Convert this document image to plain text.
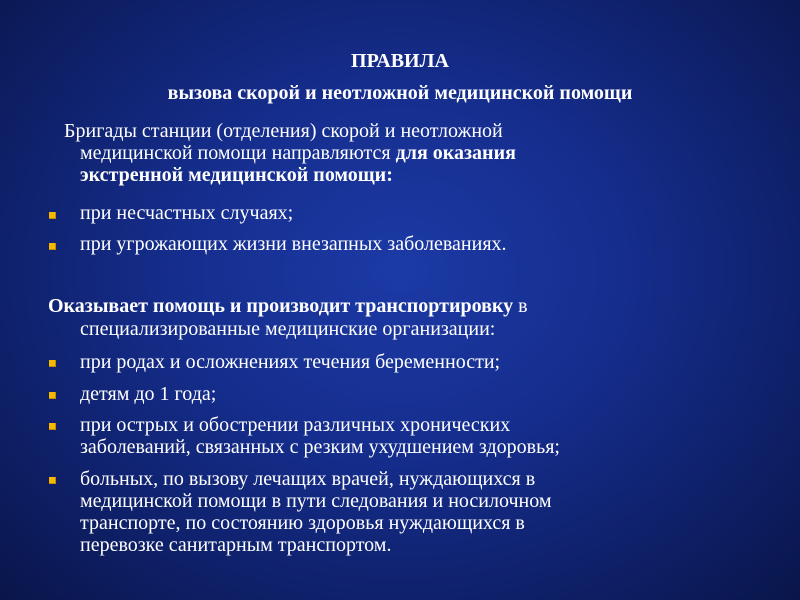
ПРАВИЛА
вызова скорой и неотложной медицинской помощи
Бригады станции (отделения) скорой и неотложной
медицинской помощи направляются для оказания
экстренной медицинской помощи:
при несчастных случаях;
при угрожающих жизни внезапных заболеваниях.
Оказывает помощь и производит транспортировку в
специализированные медицинские организации:
при родах и осложнениях течения беременности;
детям до 1 года;
при острых и обострении различных хронических
заболеваний, связанных с резким ухудшением здоровья;
больных, по вызову лечащих врачей, нуждающихся в
медицинской помощи в пути следования и носилочном
транспорте, по состоянию здоровья нуждающихся в
перевозке санитарным транспортом.
